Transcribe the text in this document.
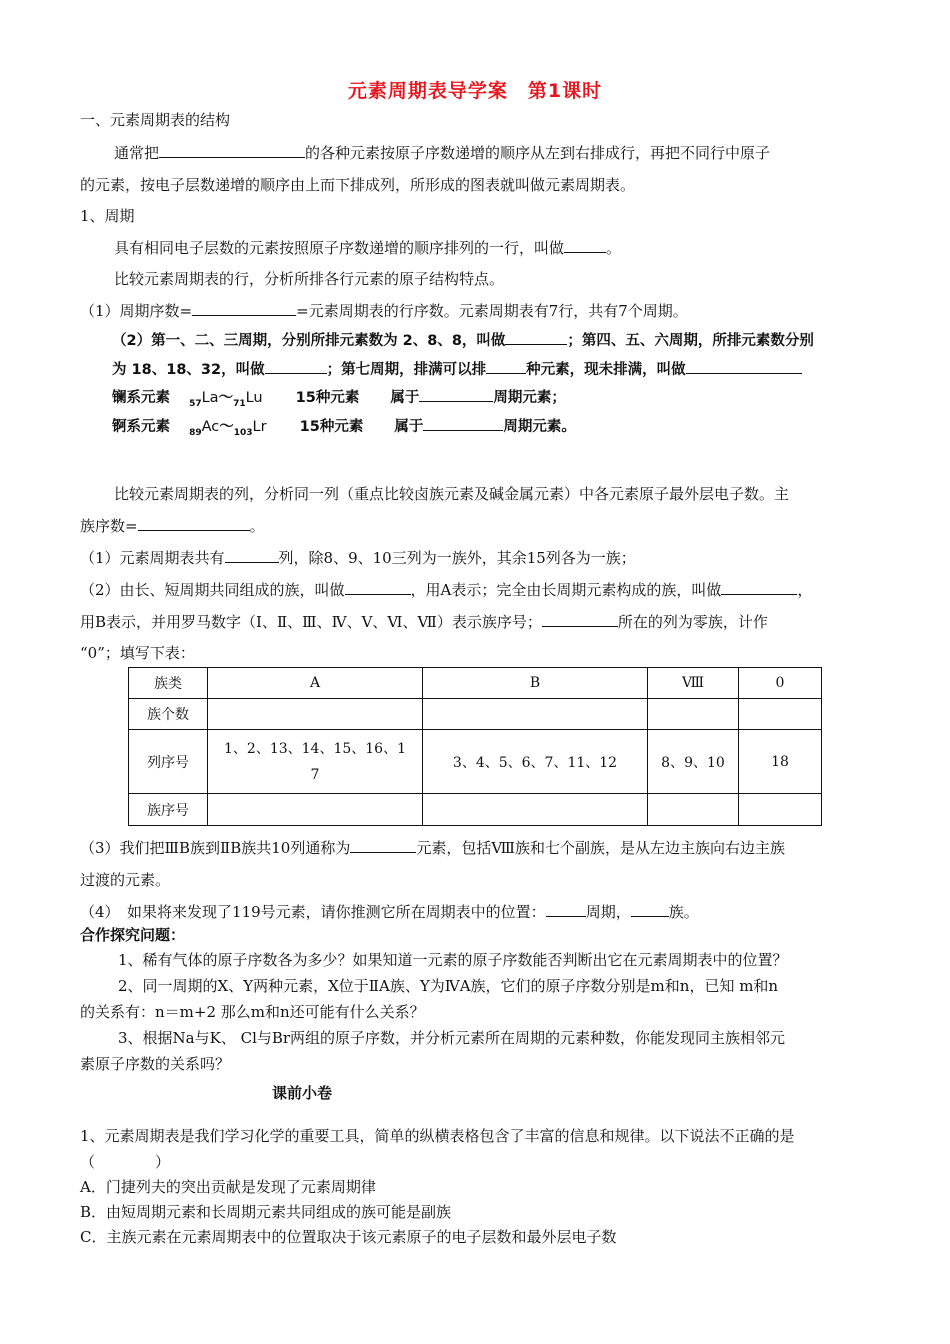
元素周期表导学案　第1课时
一、元素周期表的结构
通常把	的各种元素按原子序数递增的顺序从左到右排成行，再把不同行中原子
的元素，按电子层数递增的顺序由上而下排成列，所形成的图表就叫做元素周期表。
1、周期
具有相同电子层数的元素按照原子序数递增的顺序排列的一行，叫做	。
比较元素周期表的行，分析所排各行元素的原子结构特点。
（1）周期序数=	=元素周期表的行序数。元素周期表有7行，共有7个周期。
（2）第一、二、三周期，分别所排元素数为 2、8、8，叫做	；第四、五、六周期，所排元素数分别
为 18、18、32，叫做	；第七周期，排满可以排	种元素，现未排满，叫做
镧系元素 $_{57}La\sim_{71}Lu$ 15种元素 属于	周期元素；
锕系元素 $_{89}Ac\sim_{103}Lr$ 15种元素 属于	周期元素。
比较元素周期表的列，分析同一列（重点比较卤族元素及碱金属元素）中各元素原子最外层电子数。主
族序数=	。
（1）元素周期表共有	列，除8、9、10三列为一族外，其余15列各为一族；
（2）由长、短周期共同组成的族，叫做	，用A表示；完全由长周期元素构成的族，叫做	，
用B表示，并用罗马数字（Ⅰ、Ⅱ、Ⅲ、Ⅳ、Ⅴ、Ⅵ、Ⅶ）表示族序号；	所在的列为零族，计作
“0”；填写下表：
族类	A	B	Ⅷ	0
族个数				
列序号	1、2、13、14、15、16、17	3、4、5、6、7、11、12	8、9、10	18
族序号				
（3）我们把ⅢB族到ⅡB族共10列通称为	元素，包括Ⅷ族和七个副族，是从左边主族向右边主族
过渡的元素。
（4）　如果将来发现了119号元素，请你推测它所在周期表中的位置：	周期，	族。
合作探究问题：
1、稀有气体的原子序数各为多少？如果知道一元素的原子序数能否判断出它在元素周期表中的位置？
2、同一周期的X、Y两种元素，X位于ⅡA族、Y为ⅣA族，它们的原子序数分别是m和n，已知 m和n
的关系有：n＝m+2 那么m和n还可能有什么关系？
3、根据Na与K、 Cl与Br两组的原子序数，并分析元素所在周期的元素种数，你能发现同主族相邻元
素原子序数的关系吗？
课前小卷
1、元素周期表是我们学习化学的重要工具，简单的纵横表格包含了丰富的信息和规律。以下说法不正确的是
（　　　　）
A．门捷列夫的突出贡献是发现了元素周期律
B．由短周期元素和长周期元素共同组成的族可能是副族
C．主族元素在元素周期表中的位置取决于该元素原子的电子层数和最外层电子数
